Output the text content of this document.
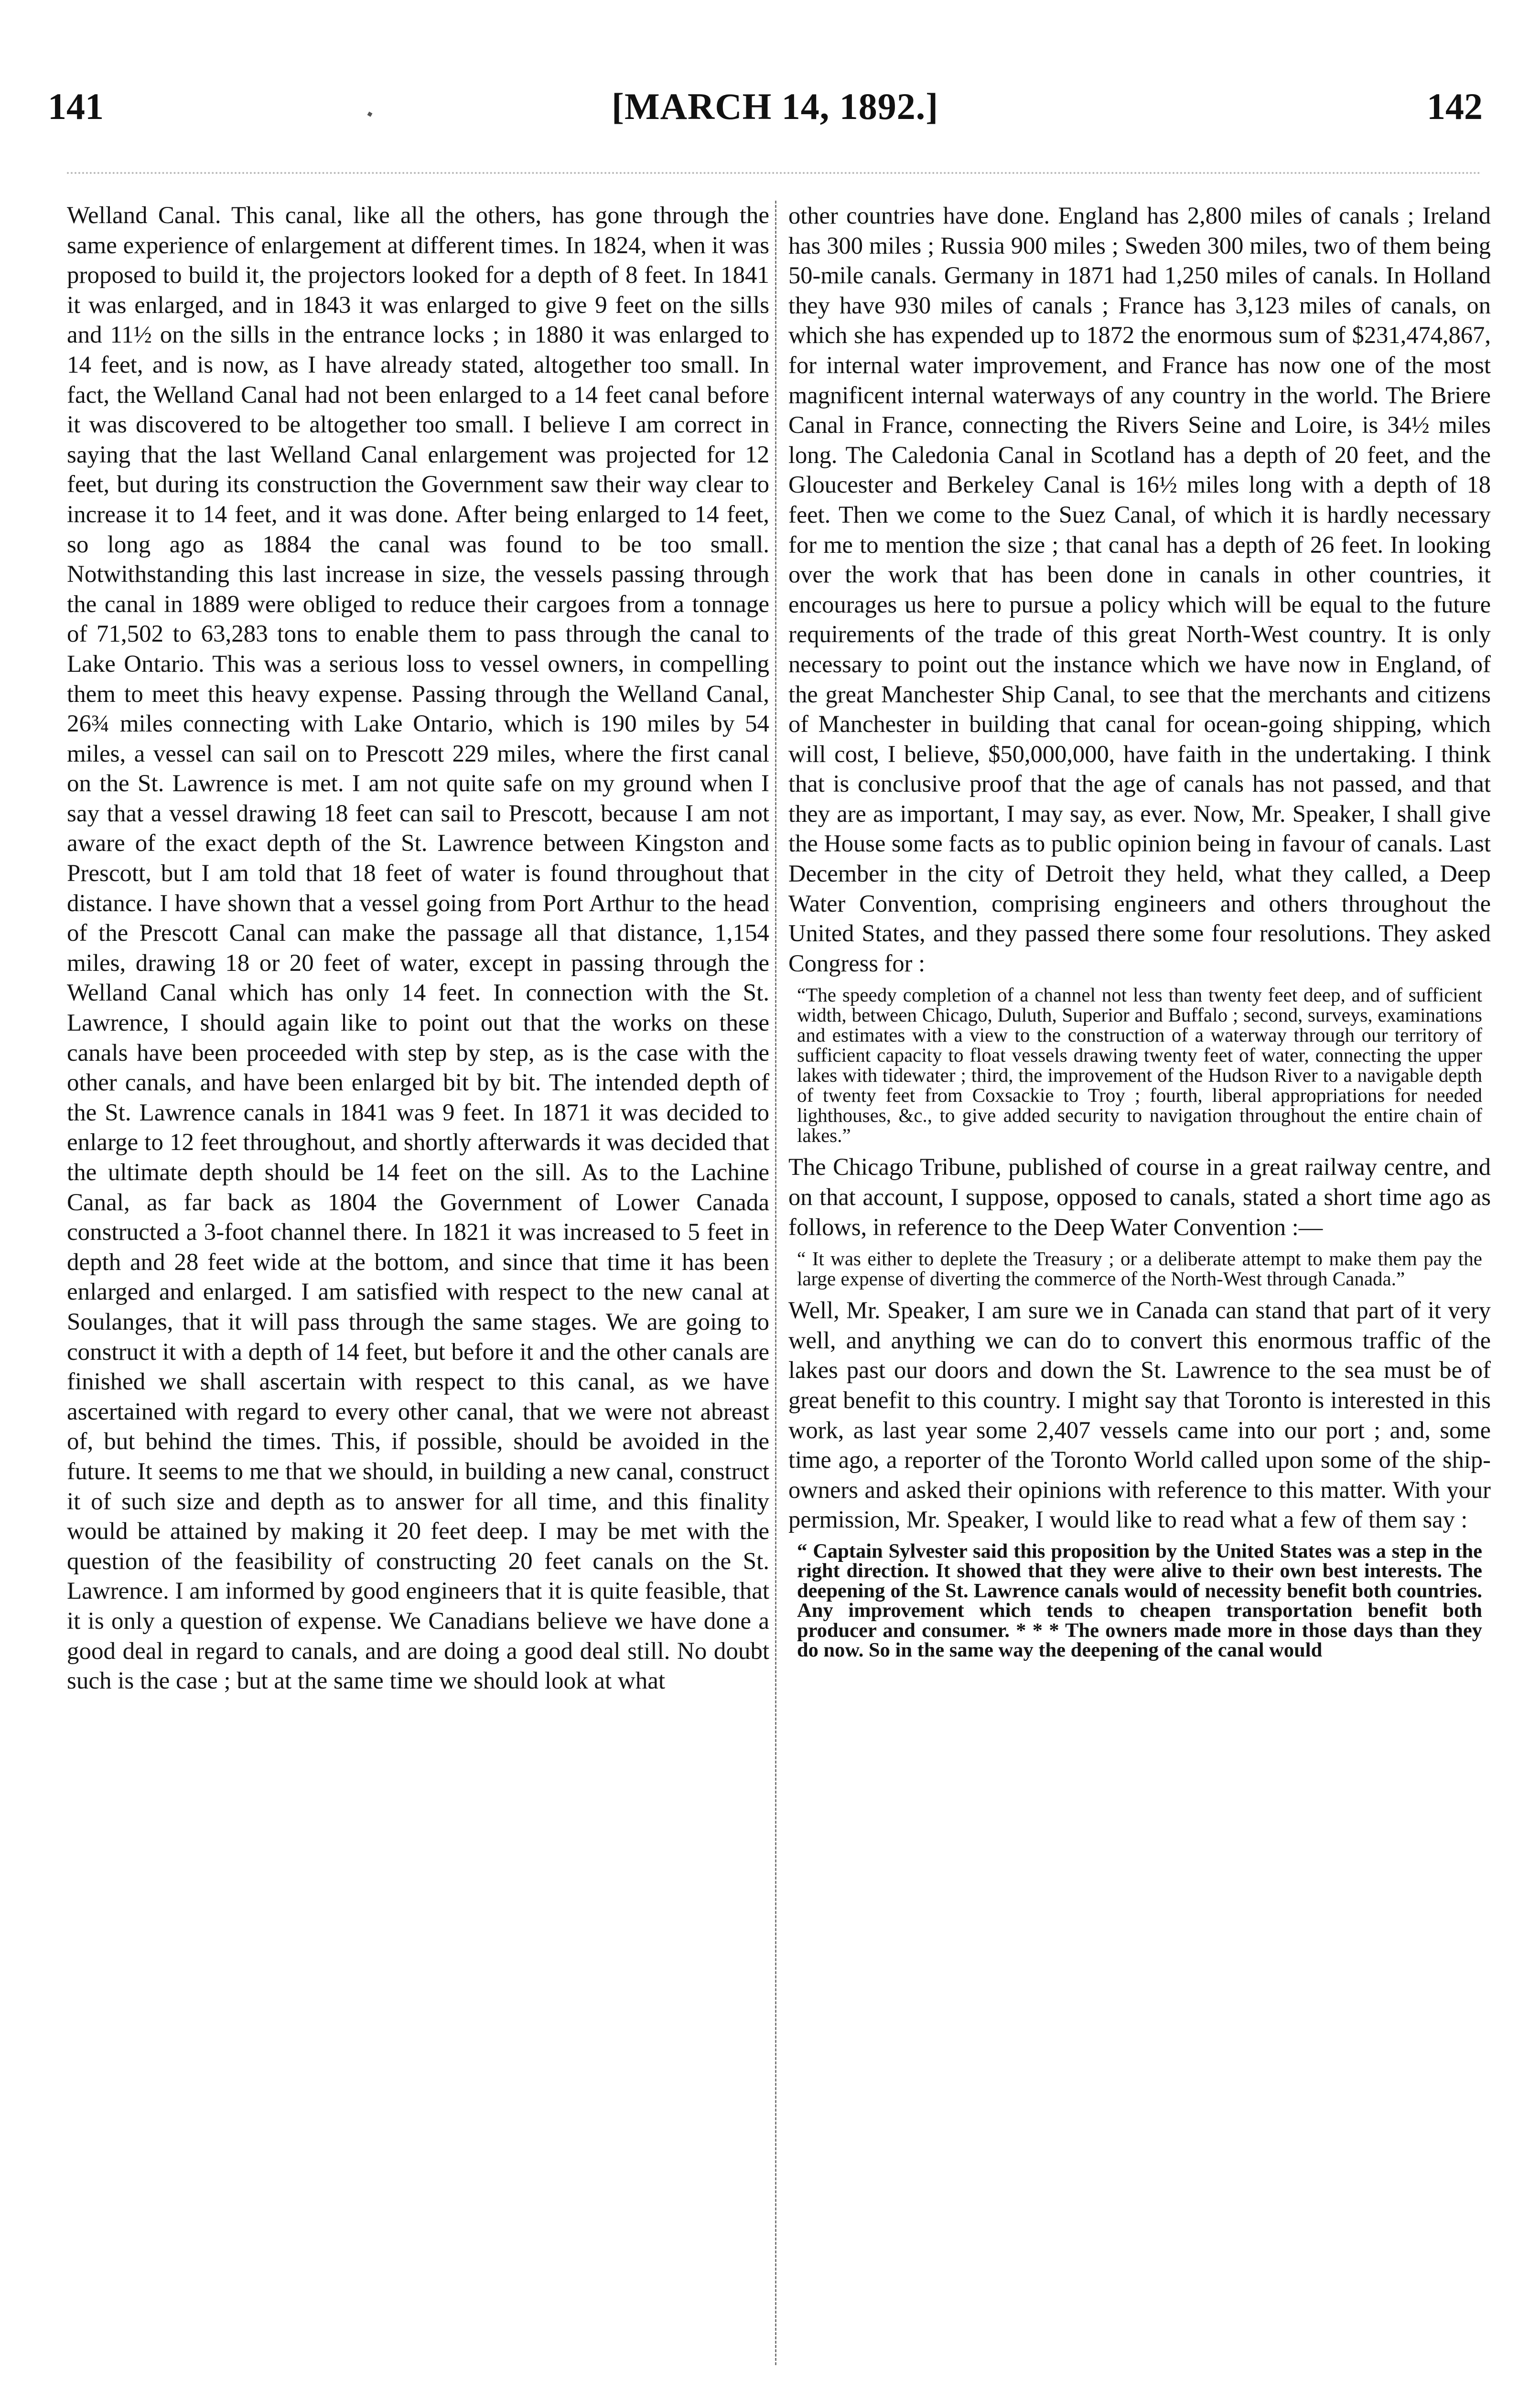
141	[MARCH 14, 1892.]	142

Welland Canal. This canal, like all the others, has gone through the same experience of enlargement at different times. In 1824, when it was proposed to build it, the projectors looked for a depth of 8 feet. In 1841 it was enlarged, and in 1843 it was enlarged to give 9 feet on the sills and 11½ on the sills in the entrance locks ; in 1880 it was enlarged to 14 feet, and is now, as I have already stated, altogether too small. In fact, the Welland Canal had not been enlarged to a 14 feet canal before it was discovered to be altogether too small. I believe I am correct in saying that the last Welland Canal enlargement was projected for 12 feet, but during its construction the Government saw their way clear to increase it to 14 feet, and it was done. After being enlarged to 14 feet, so long ago as 1884 the canal was found to be too small. Notwithstanding this last increase in size, the vessels passing through the canal in 1889 were obliged to reduce their cargoes from a tonnage of 71,502 to 63,283 tons to enable them to pass through the canal to Lake Ontario. This was a serious loss to vessel owners, in compelling them to meet this heavy expense. Passing through the Welland Canal, 26¾ miles connecting with Lake Ontario, which is 190 miles by 54 miles, a vessel can sail on to Prescott 229 miles, where the first canal on the St. Lawrence is met. I am not quite safe on my ground when I say that a vessel drawing 18 feet can sail to Prescott, because I am not aware of the exact depth of the St. Lawrence between Kingston and Prescott, but I am told that 18 feet of water is found throughout that distance. I have shown that a vessel going from Port Arthur to the head of the Prescott Canal can make the passage all that distance, 1,154 miles, drawing 18 or 20 feet of water, except in passing through the Welland Canal which has only 14 feet. In connection with the St. Lawrence, I should again like to point out that the works on these canals have been proceeded with step by step, as is the case with the other canals, and have been enlarged bit by bit. The intended depth of the St. Lawrence canals in 1841 was 9 feet. In 1871 it was decided to enlarge to 12 feet throughout, and shortly afterwards it was decided that the ultimate depth should be 14 feet on the sill. As to the Lachine Canal, as far back as 1804 the Government of Lower Canada constructed a 3-foot channel there. In 1821 it was increased to 5 feet in depth and 28 feet wide at the bottom, and since that time it has been enlarged and enlarged. I am satisfied with respect to the new canal at Soulanges, that it will pass through the same stages. We are going to construct it with a depth of 14 feet, but before it and the other canals are finished we shall ascertain with respect to this canal, as we have ascertained with regard to every other canal, that we were not abreast of, but behind the times. This, if possible, should be avoided in the future. It seems to me that we should, in building a new canal, construct it of such size and depth as to answer for all time, and this finality would be attained by making it 20 feet deep. I may be met with the question of the feasibility of constructing 20 feet canals on the St. Lawrence. I am informed by good engineers that it is quite feasible, that it is only a question of expense. We Canadians believe we have done a good deal in regard to canals, and are doing a good deal still. No doubt such is the case ; but at the same time we should look at what

other countries have done. England has 2,800 miles of canals ; Ireland has 300 miles ; Russia 900 miles ; Sweden 300 miles, two of them being 50-mile canals. Germany in 1871 had 1,250 miles of canals. In Holland they have 930 miles of canals ; France has 3,123 miles of canals, on which she has expended up to 1872 the enormous sum of $231,474,867, for internal water improvement, and France has now one of the most magnificent internal waterways of any country in the world. The Briere Canal in France, connecting the Rivers Seine and Loire, is 34½ miles long. The Caledonia Canal in Scotland has a depth of 20 feet, and the Gloucester and Berkeley Canal is 16½ miles long with a depth of 18 feet. Then we come to the Suez Canal, of which it is hardly necessary for me to mention the size ; that canal has a depth of 26 feet. In looking over the work that has been done in canals in other countries, it encourages us here to pursue a policy which will be equal to the future requirements of the trade of this great North-West country. It is only necessary to point out the instance which we have now in England, of the great Manchester Ship Canal, to see that the merchants and citizens of Manchester in building that canal for ocean-going shipping, which will cost, I believe, $50,000,000, have faith in the undertaking. I think that is conclusive proof that the age of canals has not passed, and that they are as important, I may say, as ever. Now, Mr. Speaker, I shall give the House some facts as to public opinion being in favour of canals. Last December in the city of Detroit they held, what they called, a Deep Water Convention, comprising engineers and others throughout the United States, and they passed there some four resolutions. They asked Congress for :

“The speedy completion of a channel not less than twenty feet deep, and of sufficient width, between Chicago, Duluth, Superior and Buffalo ; second, surveys, examinations and estimates with a view to the construction of a waterway through our territory of sufficient capacity to float vessels drawing twenty feet of water, connecting the upper lakes with tidewater ; third, the improvement of the Hudson River to a navigable depth of twenty feet from Coxsackie to Troy ; fourth, liberal appropriations for needed lighthouses, &c., to give added security to navigation throughout the entire chain of lakes.”

The Chicago Tribune, published of course in a great railway centre, and on that account, I suppose, opposed to canals, stated a short time ago as follows, in reference to the Deep Water Convention :—

“ It was either to deplete the Treasury ; or a deliberate attempt to make them pay the large expense of diverting the commerce of the North-West through Canada.”

Well, Mr. Speaker, I am sure we in Canada can stand that part of it very well, and anything we can do to convert this enormous traffic of the lakes past our doors and down the St. Lawrence to the sea must be of great benefit to this country. I might say that Toronto is interested in this work, as last year some 2,407 vessels came into our port ; and, some time ago, a reporter of the Toronto World called upon some of the ship-owners and asked their opinions with reference to this matter. With your permission, Mr. Speaker, I would like to read what a few of them say :

“ Captain Sylvester said this proposition by the United States was a step in the right direction. It showed that they were alive to their own best interests. The deepening of the St. Lawrence canals would of necessity benefit both countries. Any improvement which tends to cheapen transportation benefit both producer and consumer. * * * The owners made more in those days than they do now. So in the same way the deepening of the canal would
